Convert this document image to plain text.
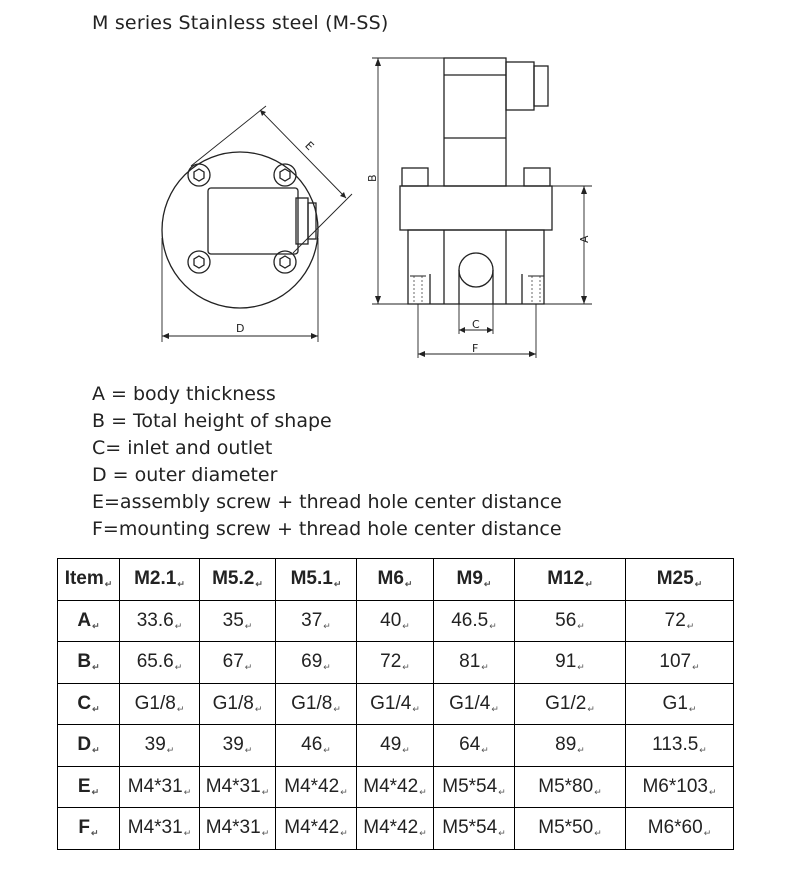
M series Stainless steel (M-SS)
E
D
B
A
C
F
A = body thickness
B = Total height of shape
C= inlet and outlet
D = outer diameter
E=assembly screw + thread hole center distance
F=mounting screw + thread hole center distance
Item↵	M2.1↵	M5.2↵	M5.1↵	M6↵	M9↵	M12↵	M25↵
A↵	33.6↵	35↵	37↵	40↵	46.5↵	56↵	72↵
B↵	65.6↵	67↵	69↵	72↵	81↵	91↵	107↵
C↵	G1/8↵	G1/8↵	G1/8↵	G1/4↵	G1/4↵	G1/2↵	G1↵
D↵	39↵	39↵	46↵	49↵	64↵	89↵	113.5↵
E↵	M4*31↵	M4*31↵	M4*42↵	M4*42↵	M5*54↵	M5*80↵	M6*103↵
F↵	M4*31↵	M4*31↵	M4*42↵	M4*42↵	M5*54↵	M5*50↵	M6*60↵
